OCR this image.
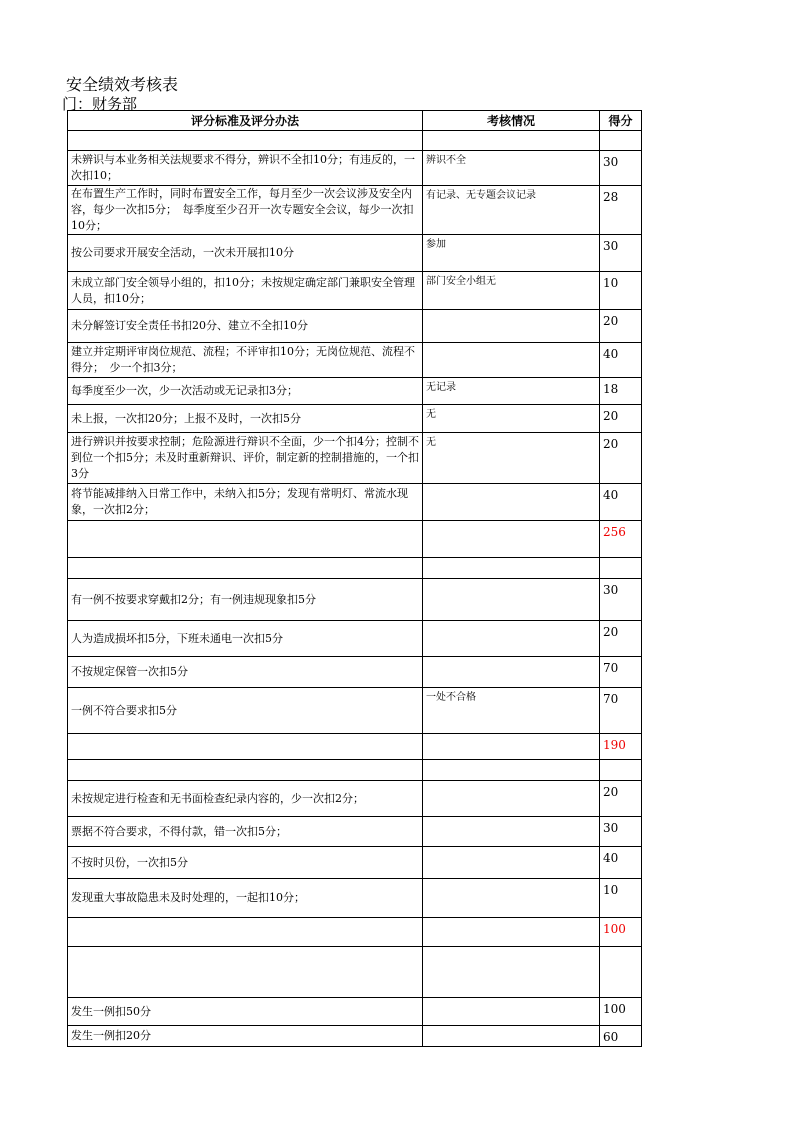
安全绩效考核表
门：财务部
评分标准及评分办法	考核情况	得分

未辨识与本业务相关法规要求不得分，辨识不全扣10分；有违反的，一次扣10；	辨识不全	30
在布置生产工作时，同时布置安全工作，每月至少一次会议涉及安全内容，每少一次扣5分；　每季度至少召开一次专题安全会议，每少一次扣10分；	有记录、无专题会议记录	28
按公司要求开展安全活动，一次未开展扣10分	参加	30
未成立部门安全领导小组的，扣10分；未按规定确定部门兼职安全管理人员，扣10分；	部门安全小组无	10
未分解签订安全责任书扣20分、建立不全扣10分		20
建立并定期评审岗位规范、流程；不评审扣10分；无岗位规范、流程不得分；　少一个扣3分；		40
每季度至少一次，少一次活动或无记录扣3分；	无记录	18
未上报，一次扣20分；上报不及时，一次扣5分	无	20
进行辨识并按要求控制；危险源进行辩识不全面，少一个扣4分；控制不到位一个扣5分；未及时重新辩识、评价，制定新的控制措施的，一个扣3分	无	20
将节能减排纳入日常工作中，未纳入扣5分；发现有常明灯、常流水现象，一次扣2分；		40
		256

有一例不按要求穿戴扣2分；有一例违规现象扣5分		30
人为造成损坏扣5分，下班未通电一次扣5分		20
不按规定保管一次扣5分		70
一例不符合要求扣5分	一处不合格	70
		190

未按规定进行检查和无书面检查纪录内容的，少一次扣2分；		20
票据不符合要求，不得付款，错一次扣5分；		30
不按时贝份，一次扣5分		40
发现重大事故隐患未及时处理的，一起扣10分；		10
		100

发生一例扣50分		100
发生一例扣20分		60
